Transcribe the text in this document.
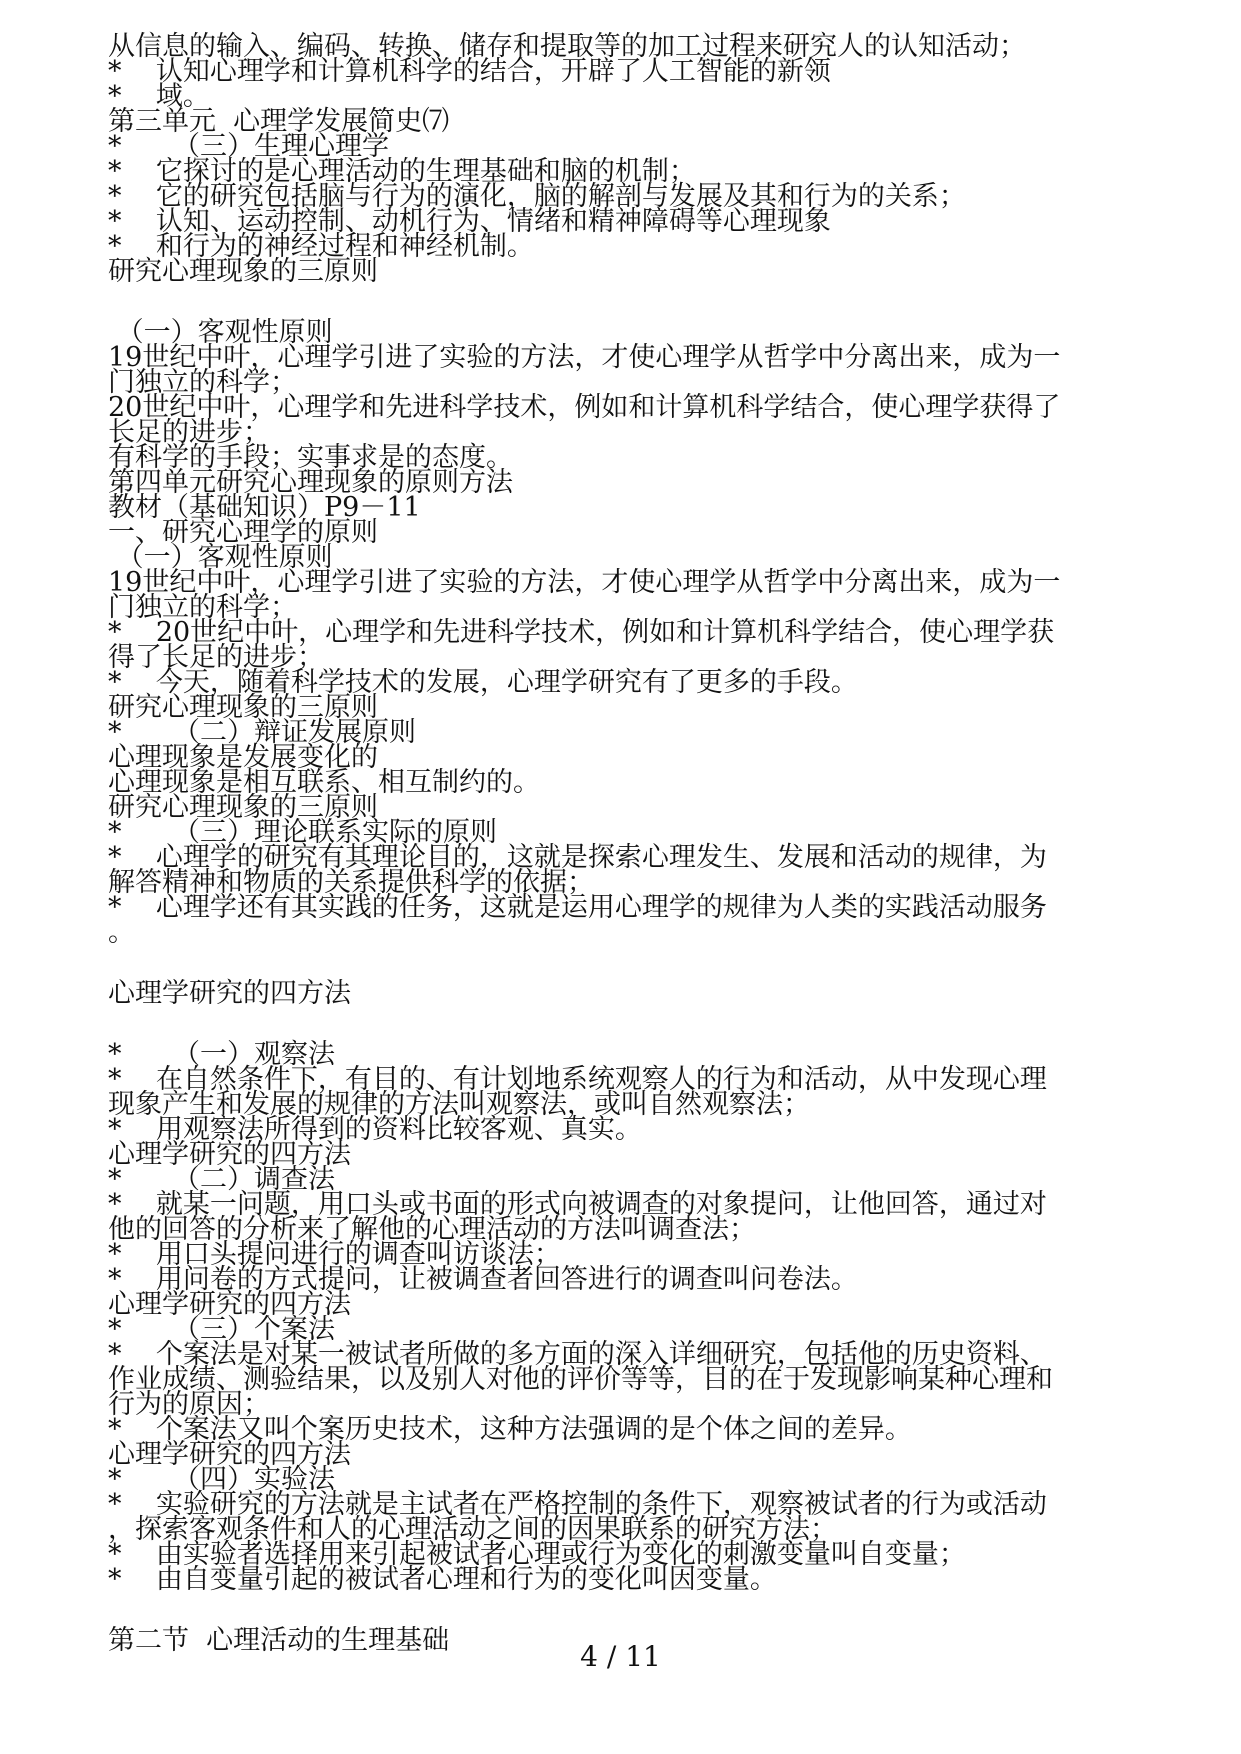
从信息的输入、编码、转换、储存和提取等的加工过程来研究人的认知活动；
*    认知心理学和计算机科学的结合，开辟了人工智能的新领
*    域。
第三单元  心理学发展简史⑺
*      （三）生理心理学
*    它探讨的是心理活动的生理基础和脑的机制；
*    它的研究包括脑与行为的演化，脑的解剖与发展及其和行为的关系；
*    认知、运动控制、动机行为、情绪和精神障碍等心理现象
*    和行为的神经过程和神经机制。
研究心理现象的三原则
（一）客观性原则
19世纪中叶，心理学引进了实验的方法，才使心理学从哲学中分离出来，成为一
门独立的科学；
20世纪中叶，心理学和先进科学技术，例如和计算机科学结合，使心理学获得了
长足的进步；
有科学的手段；实事求是的态度。
第四单元研究心理现象的原则方法
教材（基础知识）P9－11
一、研究心理学的原则
（一）客观性原则
19世纪中叶，心理学引进了实验的方法，才使心理学从哲学中分离出来，成为一
门独立的科学；
*    20世纪中叶，心理学和先进科学技术，例如和计算机科学结合，使心理学获
得了长足的进步；
*    今天，随着科学技术的发展，心理学研究有了更多的手段。
研究心理现象的三原则
*      （二）辩证发展原则
心理现象是发展变化的
心理现象是相互联系、相互制约的。
研究心理现象的三原则
*      （三）理论联系实际的原则
*    心理学的研究有其理论目的，这就是探索心理发生、发展和活动的规律，为
解答精神和物质的关系提供科学的依据；
*    心理学还有其实践的任务，这就是运用心理学的规律为人类的实践活动服务
。
心理学研究的四方法
*      （一）观察法
*    在自然条件下，有目的、有计划地系统观察人的行为和活动，从中发现心理
现象产生和发展的规律的方法叫观察法，或叫自然观察法；
*    用观察法所得到的资料比较客观、真实。
心理学研究的四方法
*      （二）调查法
*    就某一问题，用口头或书面的形式向被调查的对象提问，让他回答，通过对
他的回答的分析来了解他的心理活动的方法叫调查法；
*    用口头提问进行的调查叫访谈法；
*    用问卷的方式提问，让被调查者回答进行的调查叫问卷法。
心理学研究的四方法
*      （三）个案法
*    个案法是对某一被试者所做的多方面的深入详细研究，包括他的历史资料、
作业成绩、测验结果，以及别人对他的评价等等，目的在于发现影响某种心理和
行为的原因；
*    个案法又叫个案历史技术，这种方法强调的是个体之间的差异。
心理学研究的四方法
*      （四）实验法
*    实验研究的方法就是主试者在严格控制的条件下，观察被试者的行为或活动
，探索客观条件和人的心理活动之间的因果联系的研究方法；
*    由实验者选择用来引起被试者心理或行为变化的刺激变量叫自变量；
*    由自变量引起的被试者心理和行为的变化叫因变量。
第二节  心理活动的生理基础	4 / 11
